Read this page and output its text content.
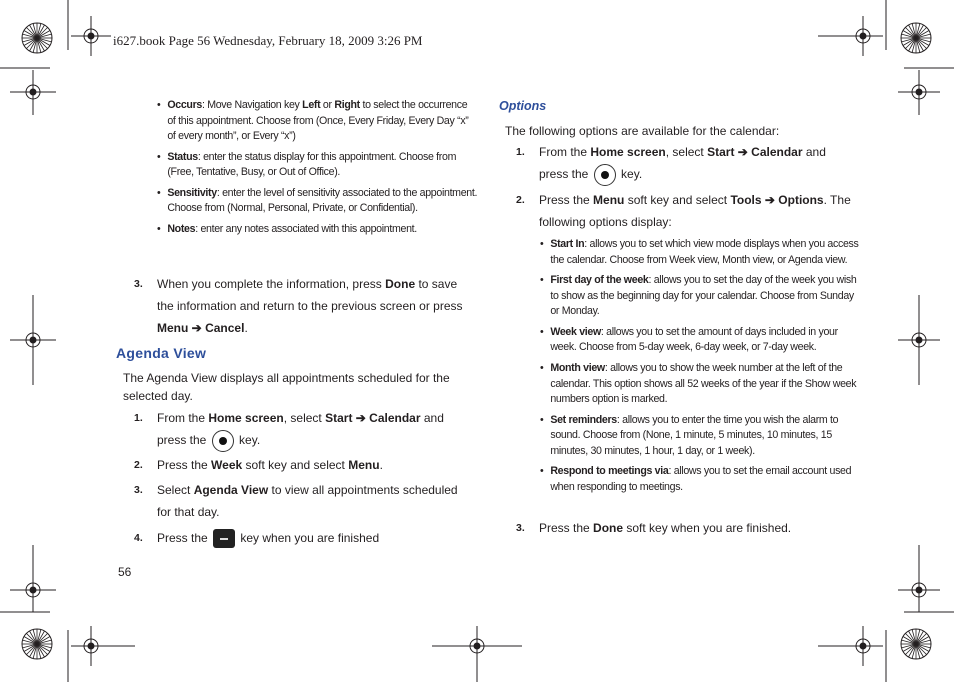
i627.book Page 56 Wednesday, February 18, 2009 3:26 PM
• Occurs: Move Navigation key Left or Right to select the occurrence of this appointment. Choose from (Once, Every Friday, Every Day “x” of every month”, or Every “x”)
• Status: enter the status display for this appointment. Choose from (Free, Tentative, Busy, or Out of Office).
• Sensitivity: enter the level of sensitivity associated to the appointment. Choose from (Normal, Personal, Private, or Confidential).
• Notes: enter any notes associated with this appointment.
3. When you complete the information, press Done to save the information and return to the previous screen or press Menu ➔ Cancel.
Agenda View
The Agenda View displays all appointments scheduled for the selected day.
1. From the Home screen, select Start ➔ Calendar and press the  key.
2. Press the Week soft key and select Menu.
3. Select Agenda View to view all appointments scheduled for that day.
4. Press the  key when you are finished
56
Options
The following options are available for the calendar:
1. From the Home screen, select Start ➔ Calendar and press the  key.
2. Press the Menu soft key and select Tools ➔ Options. The following options display:
• Start In: allows you to set which view mode displays when you access the calendar. Choose from Week view, Month view, or Agenda view.
• First day of the week: allows you to set the day of the week you wish to show as the beginning day for your calendar. Choose from Sunday or Monday.
• Week view: allows you to set the amount of days included in your week. Choose from 5-day week, 6-day week, or 7-day week.
• Month view: allows you to show the week number at the left of the calendar. This option shows all 52 weeks of the year if the Show week numbers option is marked.
• Set reminders: allows you to enter the time you wish the alarm to sound. Choose from (None, 1 minute, 5 minutes, 10 minutes, 15 minutes, 30 minutes, 1 hour, 1 day, or 1 week).
• Respond to meetings via: allows you to set the email account used when responding to meetings.
3. Press the Done soft key when you are finished.
